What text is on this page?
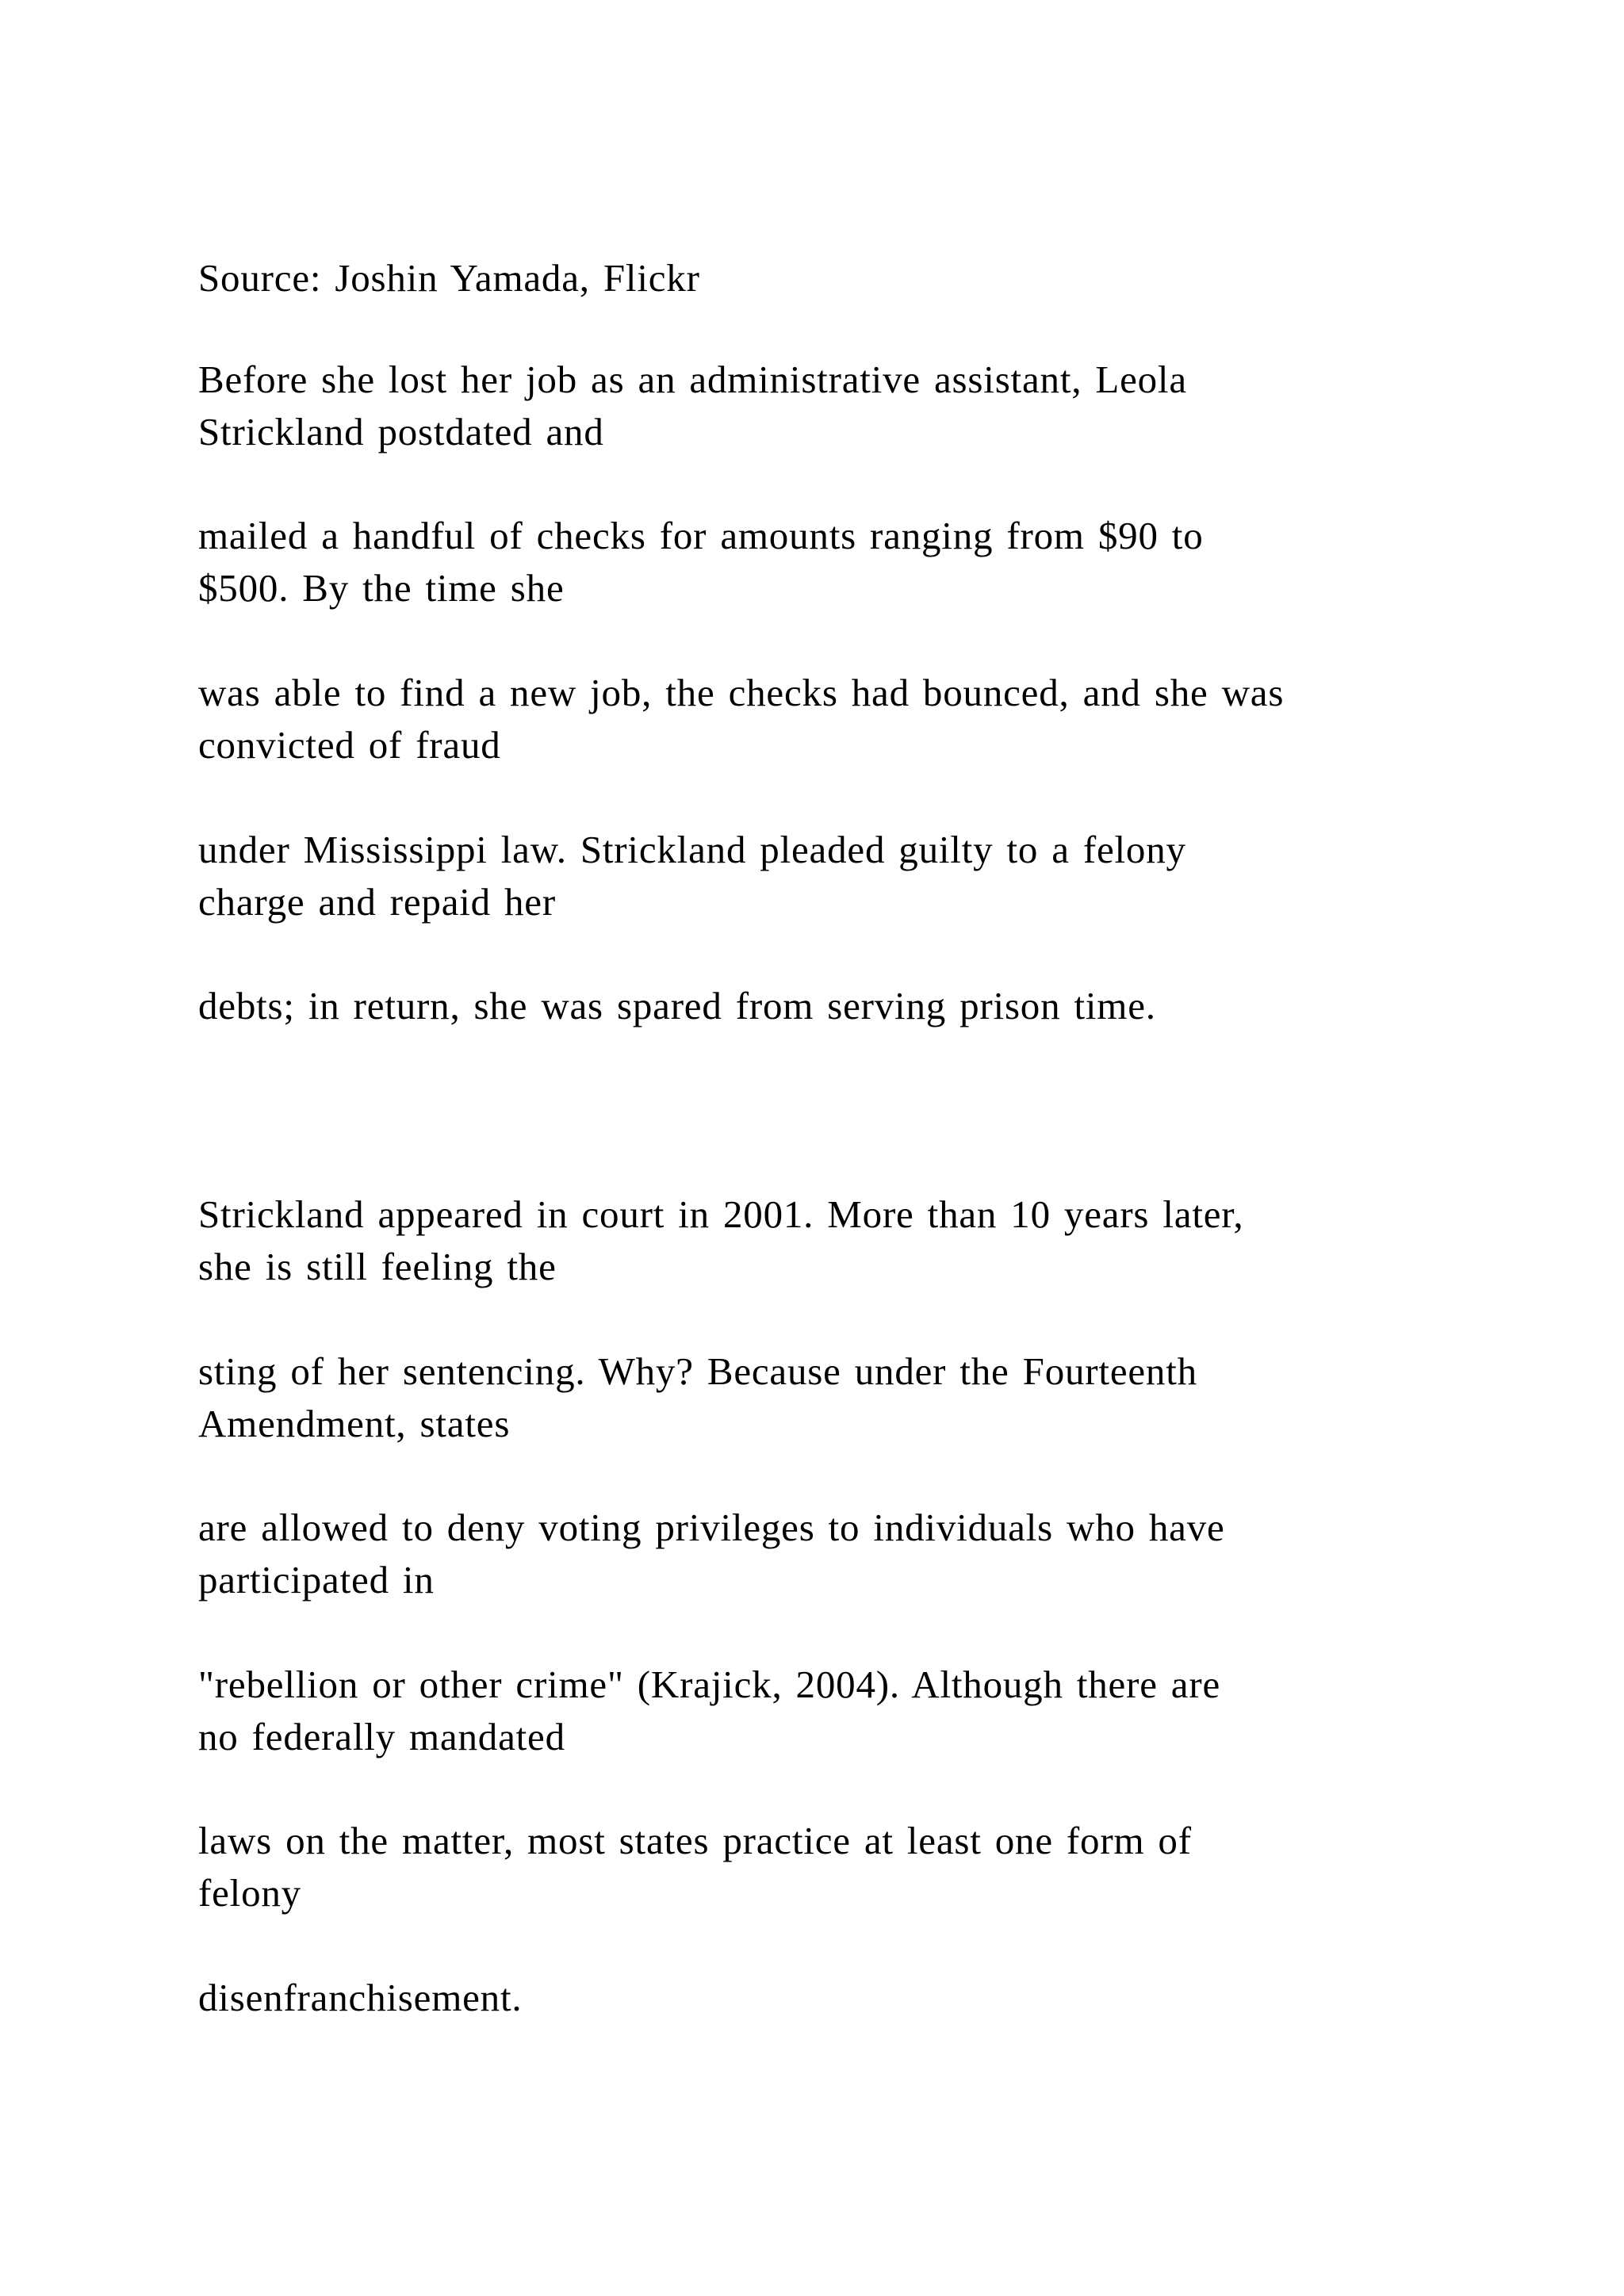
Source: Joshin Yamada, Flickr

Before she lost her job as an administrative assistant, Leola
Strickland postdated and

mailed a handful of checks for amounts ranging from $90 to
$500. By the time she

was able to find a new job, the checks had bounced, and she was
convicted of fraud

under Mississippi law. Strickland pleaded guilty to a felony
charge and repaid her

debts; in return, she was spared from serving prison time.

Strickland appeared in court in 2001. More than 10 years later,
she is still feeling the

sting of her sentencing. Why? Because under the Fourteenth
Amendment, states

are allowed to deny voting privileges to individuals who have
participated in

"rebellion or other crime" (Krajick, 2004). Although there are
no federally mandated

laws on the matter, most states practice at least one form of
felony

disenfranchisement.
